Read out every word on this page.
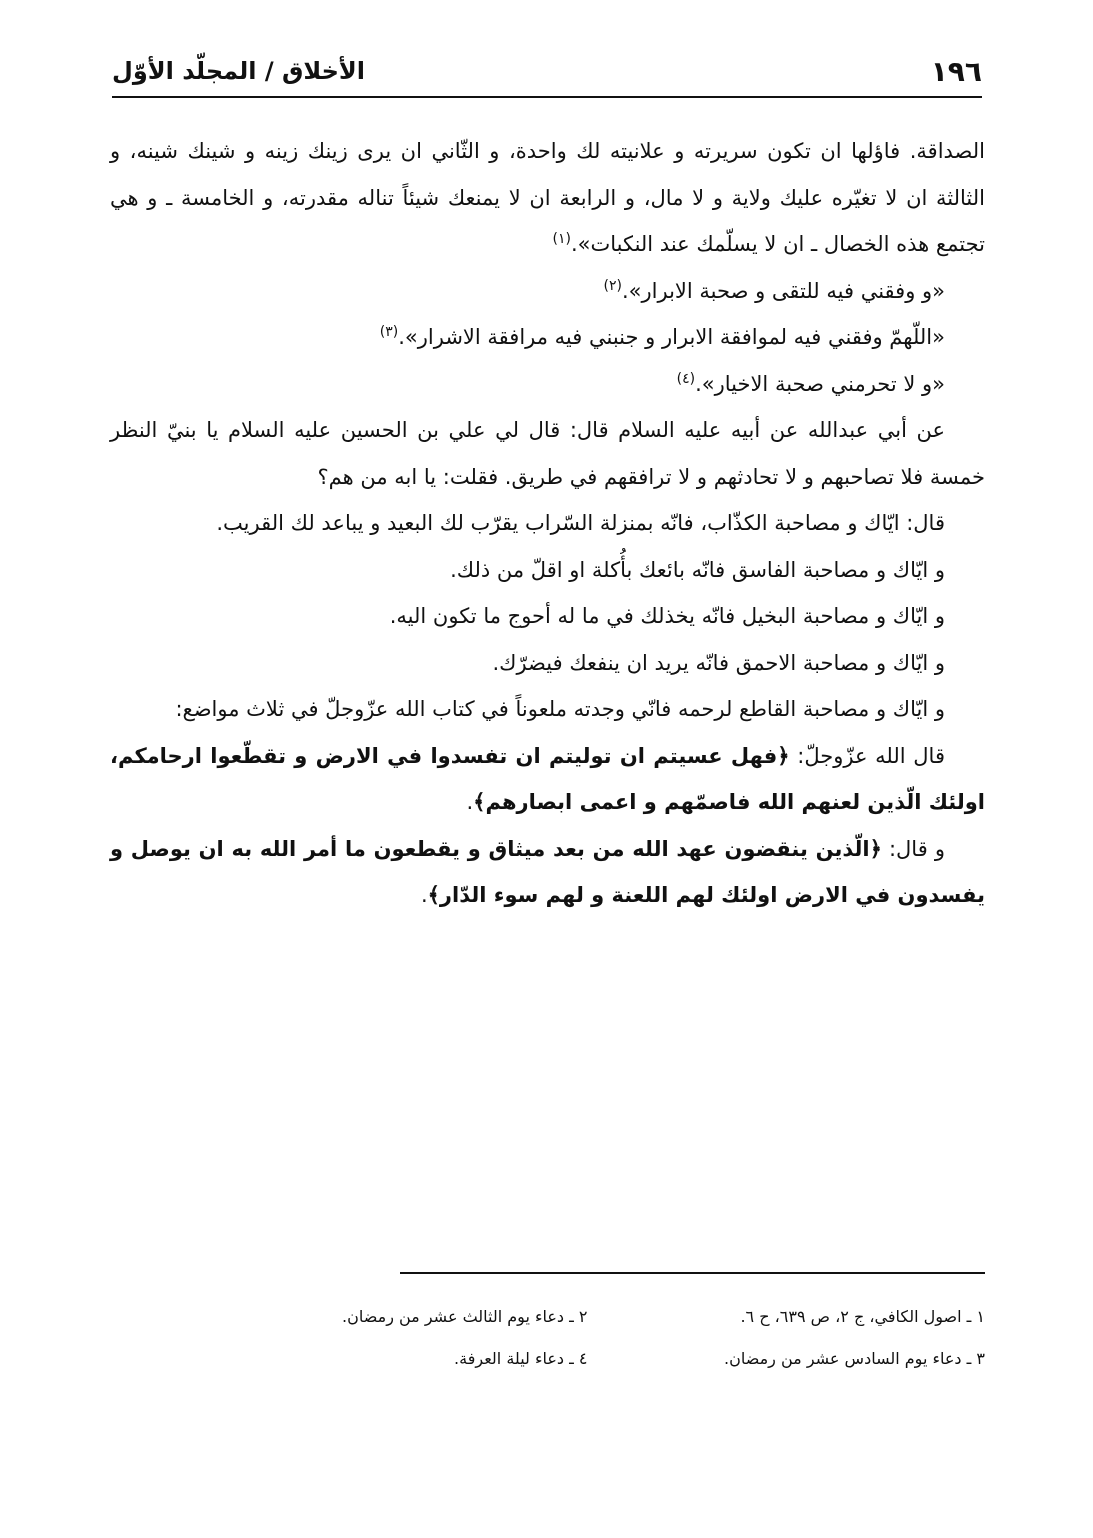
١٩٦
الأخلاق / المجلّد الأوّل

الصداقة. فاؤلها ان تكون سريرته و علانيته لك واحدة، و الثّاني ان يرى زينك زينه و شينك شينه، و الثالثة ان لا تغيّره عليك ولاية و لا مال، و الرابعة ان لا يمنعك شيئاً تناله مقدرته، و الخامسة ـ و هي تجتمع هذه الخصال ـ ان لا يسلّمك عند النكبات».$^{(١)}$

«و وفقني فيه للتقى و صحبة الابرار».$^{(٢)}$

«اللّهمّ وفقني فيه لموافقة الابرار و جنبني فيه مرافقة الاشرار».$^{(٣)}$

«و لا تحرمني صحبة الاخيار».$^{(٤)}$

عن أبي عبدالله عن أبيه عليه السلام قال: قال لي علي بن الحسين عليه السلام يا بنيّ النظر خمسة فلا تصاحبهم و لا تحادثهم و لا ترافقهم في طريق. فقلت: يا ابه من هم؟

قال: ايّاك و مصاحبة الكذّاب، فانّه بمنزلة السّراب يقرّب لك البعيد و يباعد لك القريب.

و ايّاك و مصاحبة الفاسق فانّه بائعك بأُكلة او اقلّ من ذلك.

و ايّاك و مصاحبة البخيل فانّه يخذلك في ما له أحوج ما تكون اليه.

و ايّاك و مصاحبة الاحمق فانّه يريد ان ينفعك فيضرّك.

و ايّاك و مصاحبة القاطع لرحمه فانّي وجدته ملعوناً في كتاب الله عزّوجلّ في ثلاث مواضع:

قال الله عزّوجلّ: ﴿فهل عسيتم ان توليتم ان تفسدوا في الارض و تقطّعوا ارحامكم، اولئك الّذين لعنهم الله فاصمّهم و اعمى ابصارهم﴾.

و قال: ﴿الّذين ينقضون عهد الله من بعد ميثاق و يقطعون ما أمر الله به ان يوصل و يفسدون في الارض اولئك لهم اللعنة و لهم سوء الدّار﴾.

١ ـ اصول الكافي، ج ٢، ص ٦٣٩، ح ٦.
٢ ـ دعاء يوم الثالث عشر من رمضان.
٣ ـ دعاء يوم السادس عشر من رمضان.
٤ ـ دعاء ليلة العرفة.
